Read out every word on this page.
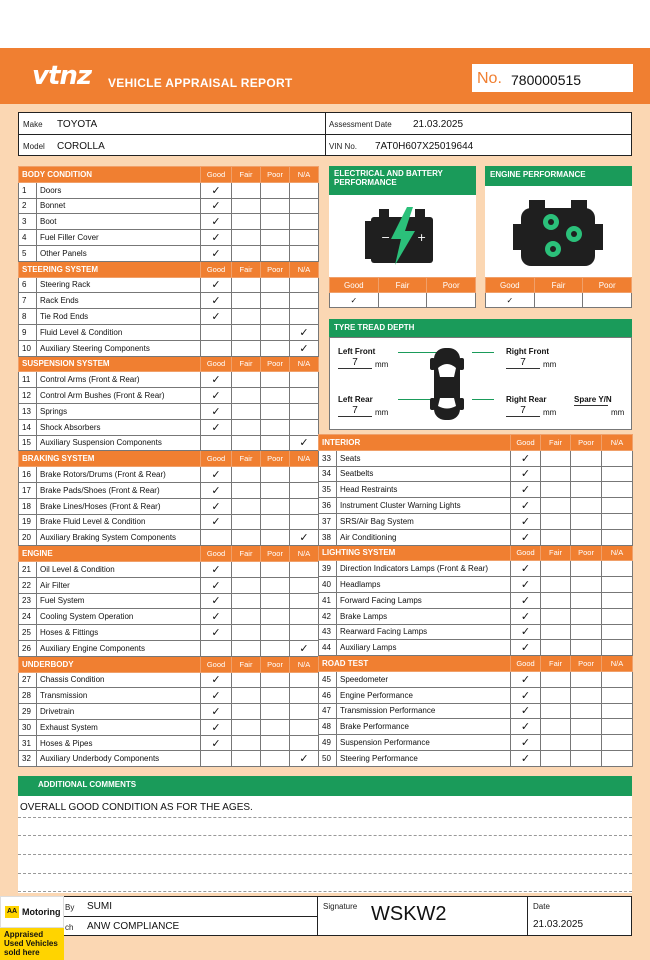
vtnz VEHICLE APPRAISAL REPORT	No. 780000515
Make TOYOTA
Model COROLLA
Assessment Date 21.03.2025
VIN No. 7AT0H607X25019644
BODY CONDITION		Good	Fair	Poor	N/A
1	Doors	✓			
2	Bonnet	✓			
3	Boot	✓			
4	Fuel Filler Cover	✓			
5	Other Panels	✓			
STEERING SYSTEM		Good	Fair	Poor	N/A
6	Steering Rack	✓			
7	Rack Ends	✓			
8	Tie Rod Ends	✓			
9	Fluid Level & Condition				✓
10	Auxiliary Steering Components				✓
SUSPENSION SYSTEM		Good	Fair	Poor	N/A
11	Control Arms (Front & Rear)	✓			
12	Control Arm Bushes (Front & Rear)	✓			
13	Springs	✓			
14	Shock Absorbers	✓			
15	Auxiliary Suspension Components				✓
BRAKING SYSTEM		Good	Fair	Poor	N/A
16	Brake Rotors/Drums (Front & Rear)	✓			
17	Brake Pads/Shoes (Front & Rear)	✓			
18	Brake Lines/Hoses (Front & Rear)	✓			
19	Brake Fluid Level & Condition	✓			
20	Auxiliary Braking System Components				✓
ENGINE		Good	Fair	Poor	N/A
21	Oil Level & Condition	✓			
22	Air Filter	✓			
23	Fuel System	✓			
24	Cooling System Operation	✓			
25	Hoses & Fittings	✓			
26	Auxiliary Engine Components				✓
UNDERBODY		Good	Fair	Poor	N/A
27	Chassis Condition	✓			
28	Transmission	✓			
29	Drivetrain	✓			
30	Exhaust System	✓			
31	Hoses & Pipes	✓			
32	Auxiliary Underbody Components				✓
INTERIOR		Good	Fair	Poor	N/A
33	Seats	✓			
34	Seatbelts	✓			
35	Head Restraints	✓			
36	Instrument Cluster Warning Lights	✓			
37	SRS/Air Bag System	✓			
38	Air Conditioning	✓			
LIGHTING SYSTEM		Good	Fair	Poor	N/A
39	Direction Indicators Lamps (Front & Rear)	✓			
40	Headlamps	✓			
41	Forward Facing Lamps	✓			
42	Brake Lamps	✓			
43	Rearward Facing Lamps	✓			
44	Auxiliary Lamps	✓			
ROAD TEST		Good	Fair	Poor	N/A
45	Speedometer	✓			
46	Engine Performance	✓			
47	Transmission Performance	✓			
48	Brake Performance	✓			
49	Suspension Performance	✓			
50	Steering Performance	✓			
ELECTRICAL AND BATTERY PERFORMANCE
− +
Good	Fair	Poor
✓		
ENGINE PERFORMANCE
Good	Fair	Poor
✓		
TYRE TREAD DEPTH
Left Front
7	mm
Right Front
7	mm
Left Rear
7	mm
Right Rear
7	mm
Spare Y/N
mm
ADDITIONAL COMMENTS
OVERALL GOOD CONDITION AS FOR THE AGES.
By SUMI
ch ANW COMPLIANCE
Signature WSKW2	Date
21.03.2025
AA Motoring
Appraised
Used Vehicles
sold here
